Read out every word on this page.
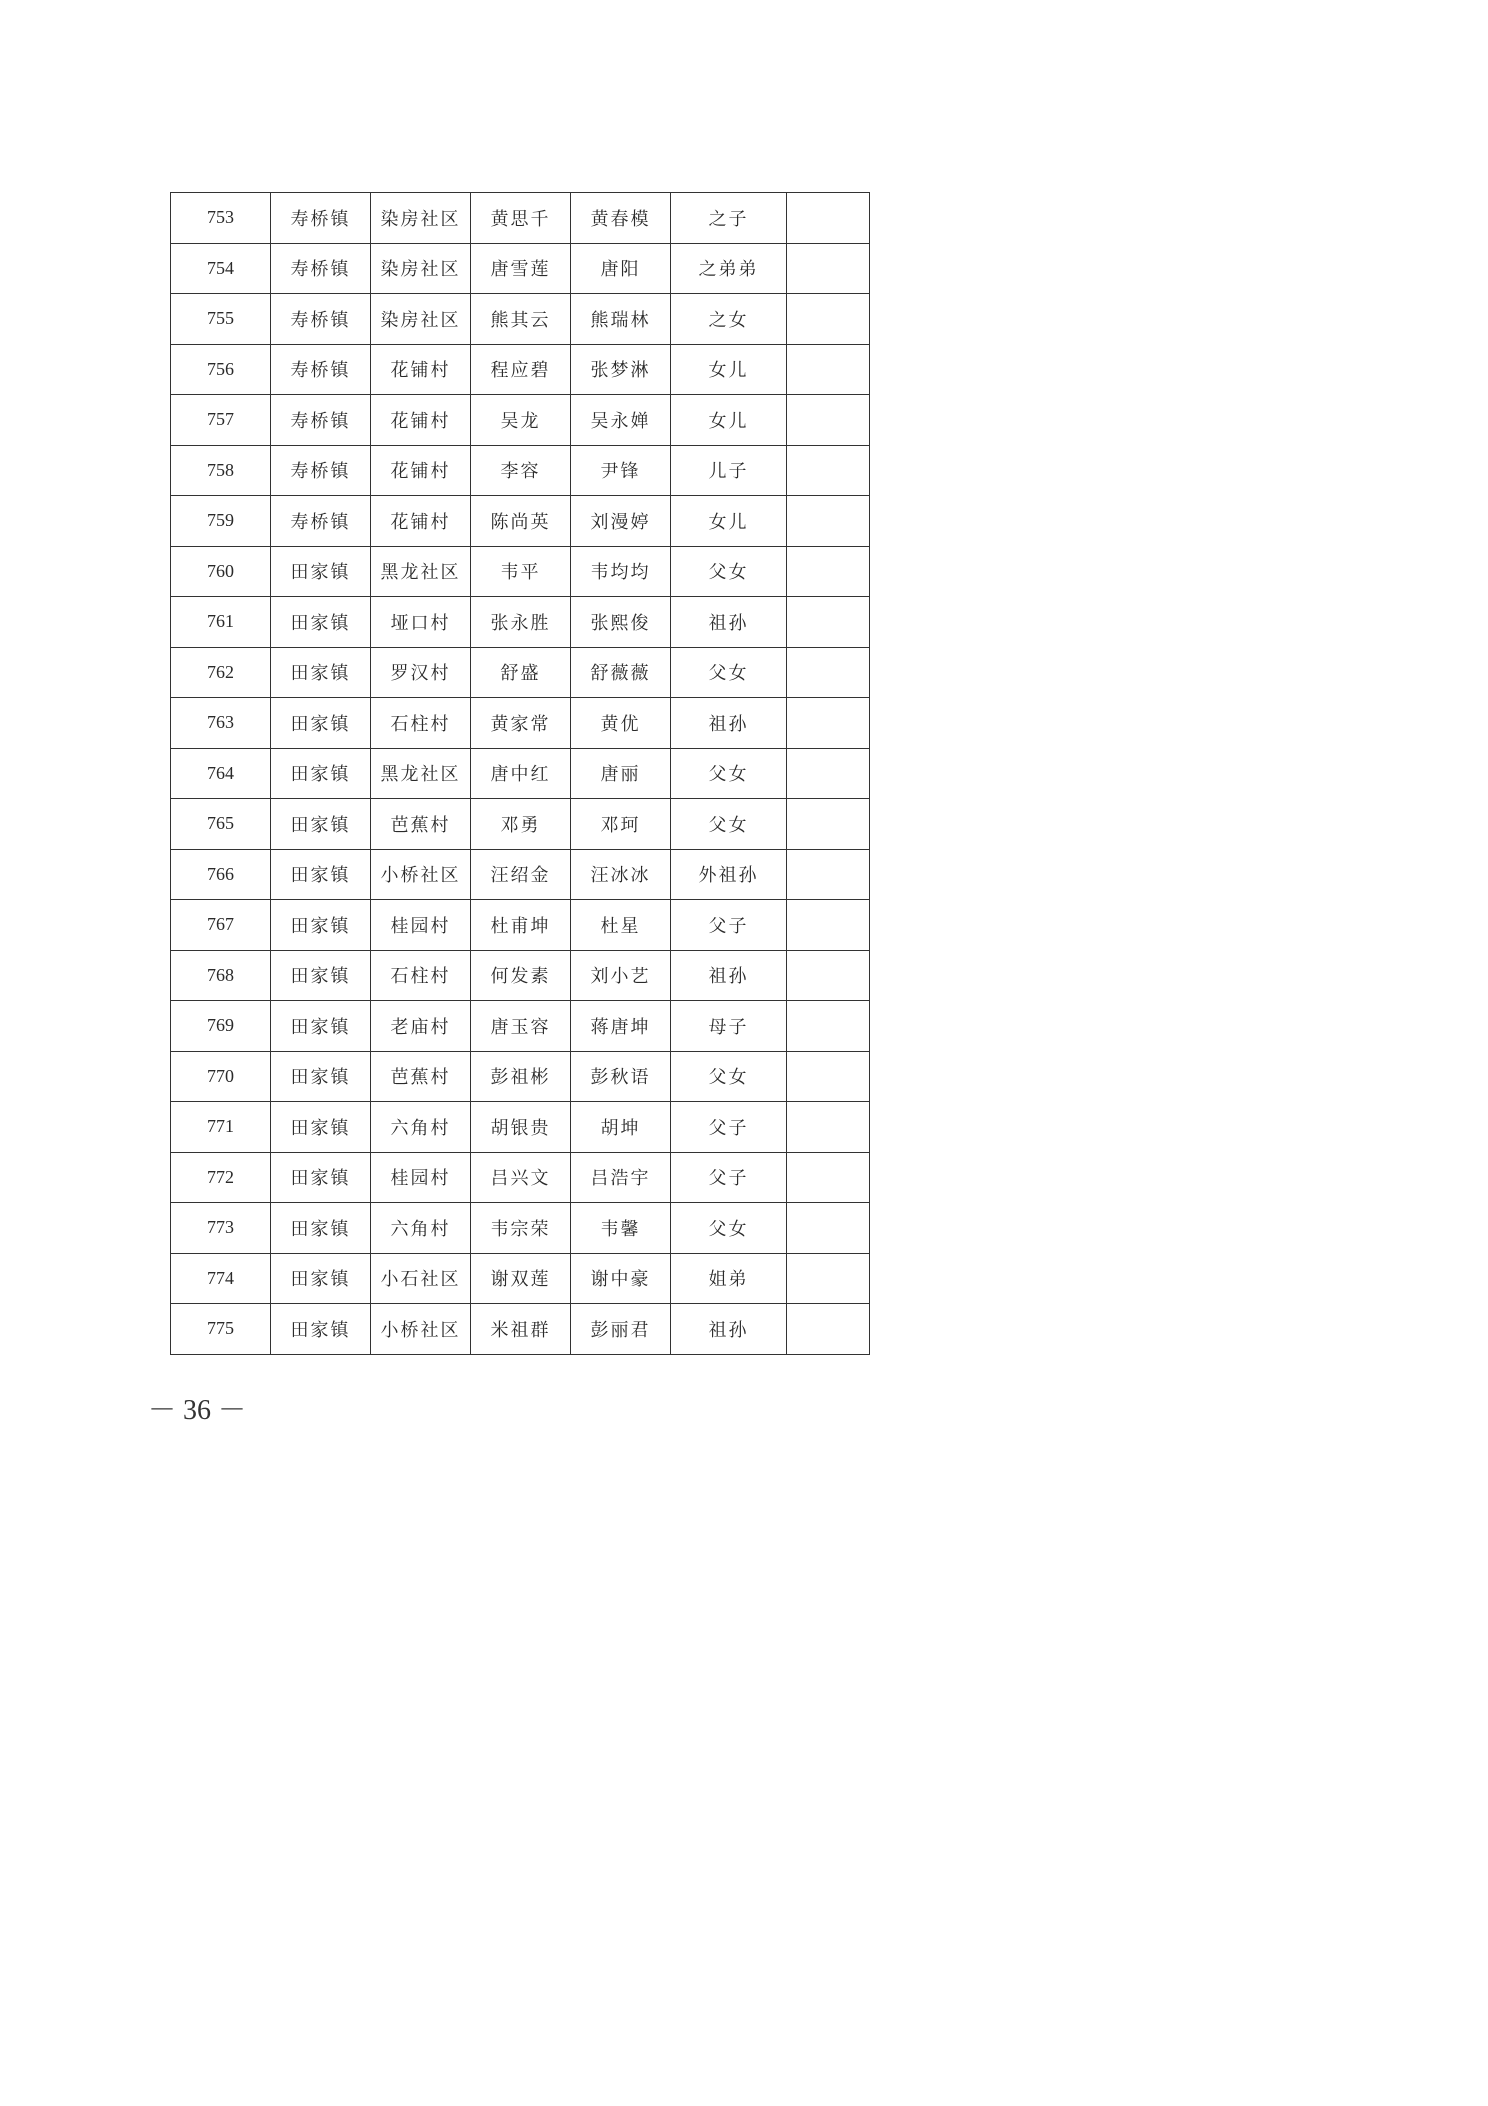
753	寿桥镇	染房社区	黄思千	黄春模	之子	
754	寿桥镇	染房社区	唐雪莲	唐阳	之弟弟	
755	寿桥镇	染房社区	熊其云	熊瑞林	之女	
756	寿桥镇	花铺村	程应碧	张梦淋	女儿	
757	寿桥镇	花铺村	吴龙	吴永婵	女儿	
758	寿桥镇	花铺村	李容	尹锋	儿子	
759	寿桥镇	花铺村	陈尚英	刘漫婷	女儿	
760	田家镇	黑龙社区	韦平	韦均均	父女	
761	田家镇	垭口村	张永胜	张熙俊	祖孙	
762	田家镇	罗汉村	舒盛	舒薇薇	父女	
763	田家镇	石柱村	黄家常	黄优	祖孙	
764	田家镇	黑龙社区	唐中红	唐丽	父女	
765	田家镇	芭蕉村	邓勇	邓珂	父女	
766	田家镇	小桥社区	汪绍金	汪冰冰	外祖孙	
767	田家镇	桂园村	杜甫坤	杜星	父子	
768	田家镇	石柱村	何发素	刘小艺	祖孙	
769	田家镇	老庙村	唐玉容	蒋唐坤	母子	
770	田家镇	芭蕉村	彭祖彬	彭秋语	父女	
771	田家镇	六角村	胡银贵	胡坤	父子	
772	田家镇	桂园村	吕兴文	吕浩宇	父子	
773	田家镇	六角村	韦宗荣	韦馨	父女	
774	田家镇	小石社区	谢双莲	谢中豪	姐弟	
775	田家镇	小桥社区	米祖群	彭丽君	祖孙	
－ 36 －
